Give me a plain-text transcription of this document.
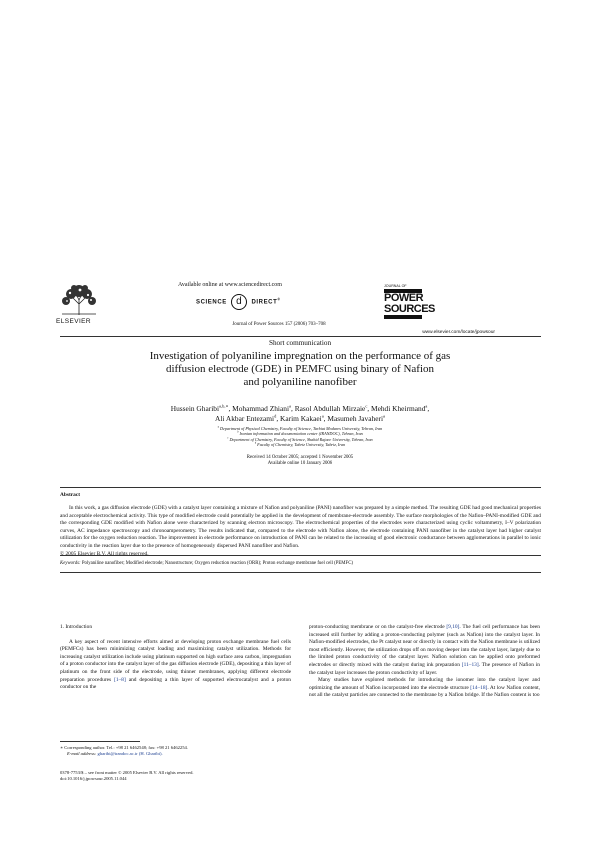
ELSEVIER
Available online at www.sciencedirect.com
SCIENCE d DIRECT®
Journal of Power Sources 157 (2006) 703–708
JOURNAL OF
POWER
SOURCES
www.elsevier.com/locate/jpowsour
Short communication
Investigation of polyaniline impregnation on the performance of gas
diffusion electrode (GDE) in PEMFC using binary of Nafion
and polyaniline nanofiber
Hussein Gharibi$^{a,b,∗}$, Mohammad Zhiani$^a$, Rasol Abdullah Mirzaie$^c$, Mehdi Kheirmand$^a$,
Ali Akbar Entezami$^d$, Karim Kakaei$^a$, Masumeh Javaheri$^a$
$^a$ Department of Physical Chemistry, Faculty of Science, Tarbiat Modares University, Tehran, Iran
$^b$ Iranian information and documentation center (IRANDOC), Tehran, Iran
$^c$ Department of Chemistry, Faculty of Science, Shahid Rajaee University, Tehran, Iran
$^d$ Faculty of Chemistry, Tabriz University, Tabriz, Iran
Received 14 October 2005; accepted 1 November 2005
Available online 10 January 2006
Abstract

In this work, a gas diffusion electrode (GDE) with a catalyst layer containing a mixture of Nafion and polyaniline (PANI) nanofiber was prepared by a simple method. The resulting GDE had good mechanical properties and acceptable electrochemical activity. This type of modified electrode could potentially be applied in the development of membrane-electrode assembly. The surface morphologies of the Nafion–PANI-modified GDE and the corresponding GDE modified with Nafion alone were characterized by scanning electron microscopy. The electrochemical properties of the electrodes were characterized using cyclic voltammetry, I–V polarization curves, AC impedance spectroscopy and chronoamperometry. The results indicated that, compared to the electrode with Nafion alone, the electrode containing PANI nanofiber in the catalyst layer had higher catalyst utilization for the oxygen reduction reaction. The improvement in electrode performance on introduction of PANI can be related to the increasing of good electronic conductance between agglomerations in parallel to ionic conductivity in the reaction layer due to the presence of homogeneously dispersed PANI nanofiber and Nafion.

© 2005 Elsevier B.V. All rights reserved.

Keywords: Polyaniline nanofiber; Modified electrode; Nanostructure; Oxygen reduction reaction (ORR); Proton exchange membrane fuel cell (PEMFC)
1. Introduction

A key aspect of recent intensive efforts aimed at developing proton exchange membrane fuel cells (PEMFCs) has been minimizing catalyst loading and maximizing catalyst utilization. Methods for increasing catalyst utilization include using platinum supported on high surface area carbon, impregnation of a proton conductor into the catalyst layer of the gas diffusion electrode (GDE), depositing a thin layer of platinum on the front side of the electrode, using thinner membranes, applying different electrode preparation procedures [1–8] and depositing a thin layer of supported electrocatalyst and a proton conductor on the

proton-conducting membrane or on the catalyst-free electrode [9,10]. The fuel cell performance has been increased still further by adding a proton-conducting polymer (such as Nafion) into the catalyst layer. In Nafion-modified electrodes, the Pt catalyst near or directly in contact with the Nafion membrane is utilized most efficiently. However, the utilization drops off on moving deeper into the catalyst layer, largely due to the limited proton conductivity of the catalyst layer. Nafion solution can be applied onto preformed electrodes or directly mixed with the catalyst during ink preparation [11–13]. The presence of Nafion in the catalyst layer increases the proton conductivity of layer.

Many studies have explored methods for introducing the ionomer into the catalyst layer and optimizing the amount of Nafion incorporated into the electrode structure [14–18]. At low Nafion content, not all the catalyst particles are connected to the membrane by a Nafion bridge. If the Nafion content is too

∗ Corresponding author. Tel.: +98 21 6462548; fax: +98 21 6462254.
E-mail address: gharibi@irandoc.ac.ir (H. Gharibi).
0378-7753/$ – see front matter © 2005 Elsevier B.V. All rights reserved.
doi:10.1016/j.jpowsour.2005.11.044
